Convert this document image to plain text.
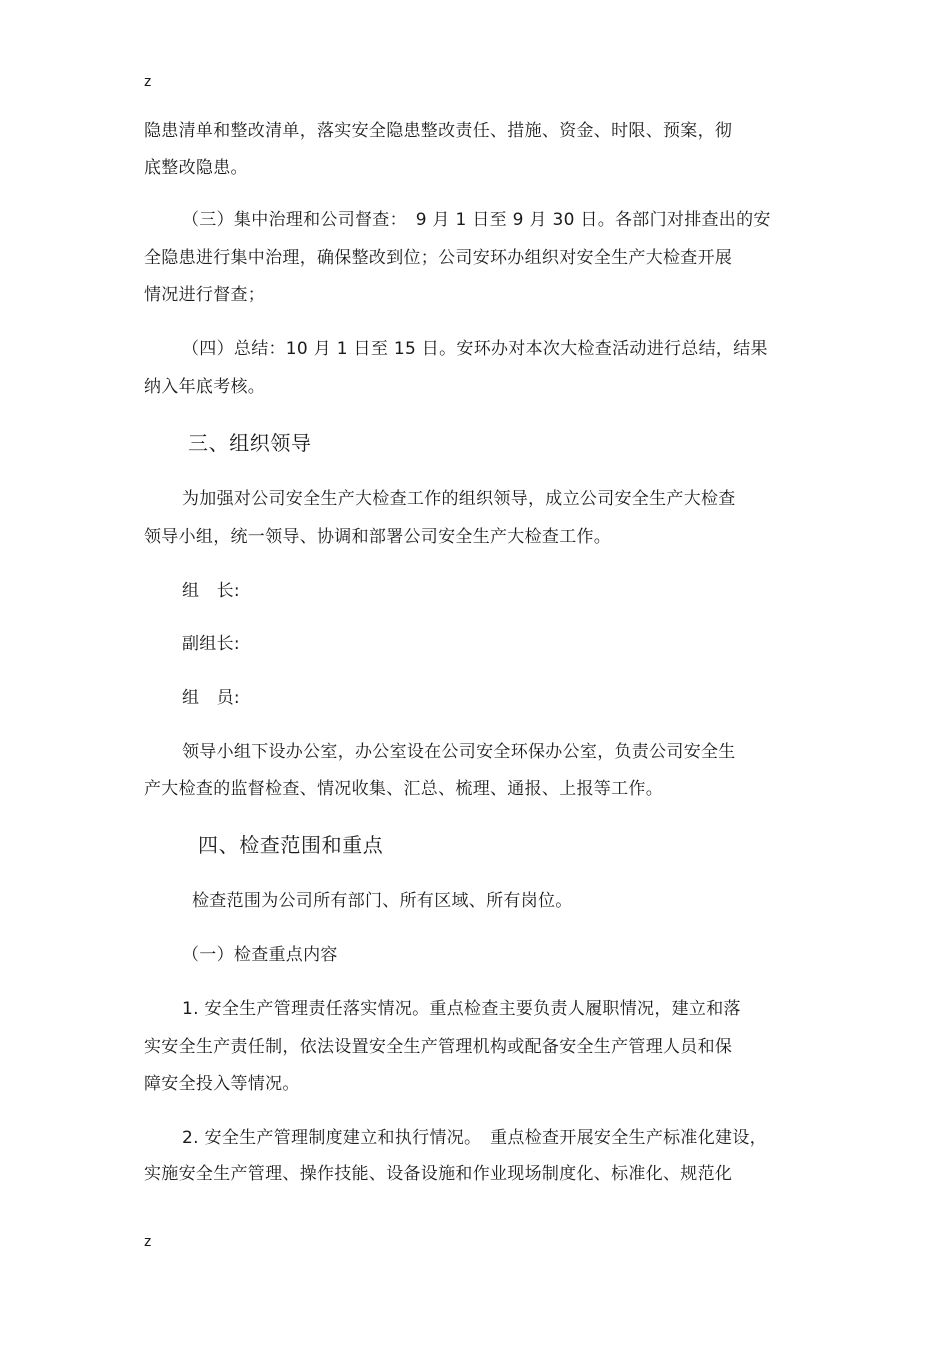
z
隐患清单和整改清单，落实安全隐患整改责任、措施、资金、时限、预案，彻
底整改隐患。
（三）集中治理和公司督查：　9 月 1 日至 9 月 30 日。各部门对排查出的安
全隐患进行集中治理，确保整改到位；公司安环办组织对安全生产大检查开展
情况进行督查；
（四）总结：10 月 1 日至 15 日。安环办对本次大检查活动进行总结，结果
纳入年底考核。
三、组织领导
为加强对公司安全生产大检查工作的组织领导，成立公司安全生产大检查
领导小组，统一领导、协调和部署公司安全生产大检查工作。
组　长:
副组长:
组　员:
领导小组下设办公室，办公室设在公司安全环保办公室，负责公司安全生
产大检查的监督检查、情况收集、汇总、梳理、通报、上报等工作。
四、检查范围和重点
检查范围为公司所有部门、所有区域、所有岗位。
（一）检查重点内容
1. 安全生产管理责任落实情况。重点检查主要负责人履职情况，建立和落
实安全生产责任制，依法设置安全生产管理机构或配备安全生产管理人员和保
障安全投入等情况。
2. 安全生产管理制度建立和执行情况。　重点检查开展安全生产标准化建设，
实施安全生产管理、操作技能、设备设施和作业现场制度化、标准化、规范化
z
